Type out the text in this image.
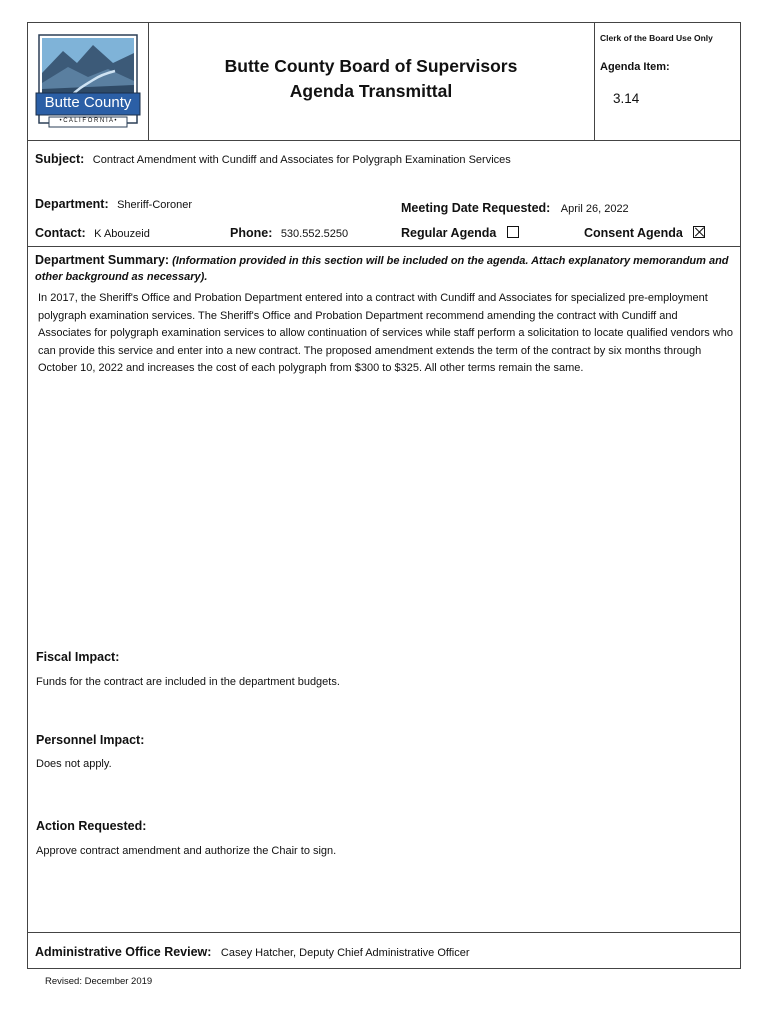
Butte County
• C A L I F O R N I A •
Butte County Board of Supervisors
Agenda Transmittal
Clerk of the Board Use Only
Agenda Item:
3.14
Subject: Contract Amendment with Cundiff and Associates for Polygraph Examination Services
Department: Sheriff-Coroner	Meeting Date Requested: April 26, 2022
Contact: K Abouzeid	Phone: 530.552.5250	Regular Agenda	Consent Agenda
Department Summary: (Information provided in this section will be included on the agenda. Attach explanatory memorandum and other background as necessary).
In 2017, the Sheriff's Office and Probation Department entered into a contract with Cundiff and Associates for specialized pre-employment polygraph examination services. The Sheriff's Office and Probation Department recommend amending the contract with Cundiff and Associates for polygraph examination services to allow continuation of services while staff perform a solicitation to locate qualified vendors who can provide this service and enter into a new contract. The proposed amendment extends the term of the contract by six months through October 10, 2022 and increases the cost of each polygraph from $300 to $325. All other terms remain the same.
Fiscal Impact:
Funds for the contract are included in the department budgets.
Personnel Impact:
Does not apply.
Action Requested:
Approve contract amendment and authorize the Chair to sign.
Administrative Office Review: Casey Hatcher, Deputy Chief Administrative Officer
Revised: December 2019
